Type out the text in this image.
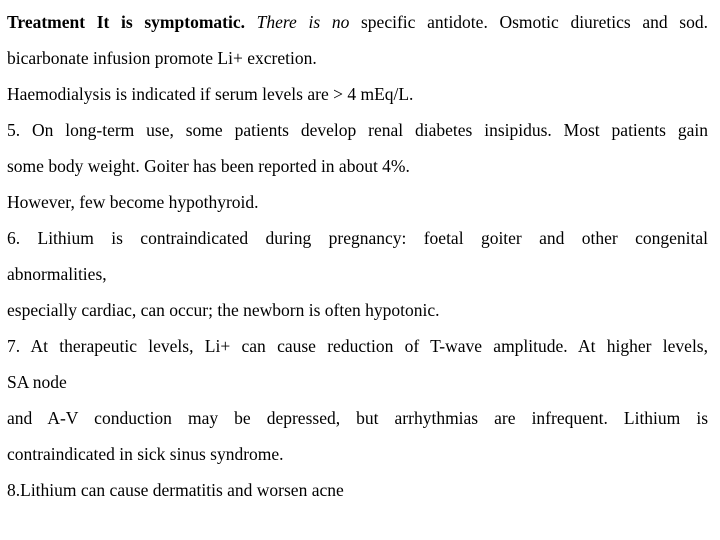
Treatment It is symptomatic. There is no specific antidote. Osmotic diuretics and sod.
bicarbonate infusion promote Li+ excretion.
Haemodialysis is indicated if serum levels are > 4 mEq/L.
5. On long-term use, some patients develop renal diabetes insipidus. Most patients gain
some body weight. Goiter has been reported in about 4%.
However, few become hypothyroid.
6. Lithium is contraindicated during pregnancy: foetal goiter and other congenital
abnormalities,
especially cardiac, can occur; the newborn is often hypotonic.
7. At therapeutic levels, Li+ can cause reduction of T-wave amplitude. At higher levels,
SA node
and A-V conduction may be depressed, but arrhythmias are infrequent. Lithium is
contraindicated in sick sinus syndrome.
8.Lithium can cause dermatitis and worsen acne
